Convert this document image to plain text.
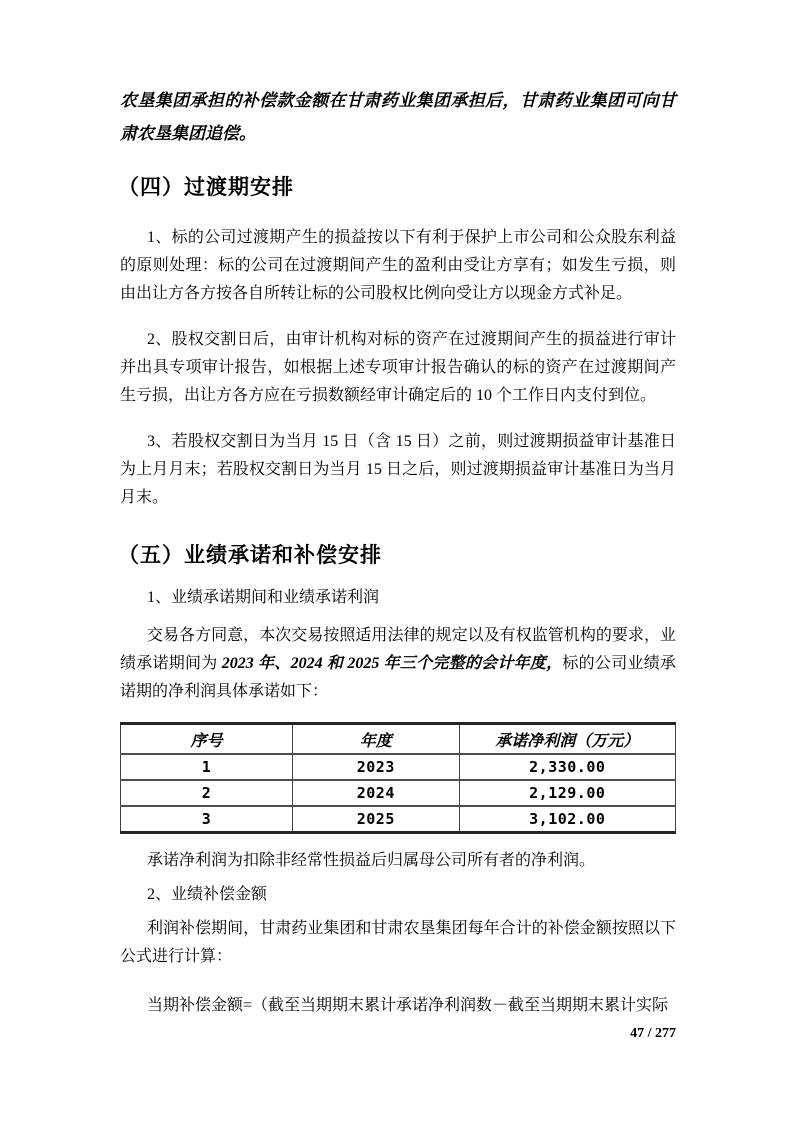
农垦集团承担的补偿款金额在甘肃药业集团承担后，甘肃药业集团可向甘肃农垦集团追偿。

（四）过渡期安排

1、标的公司过渡期产生的损益按以下有利于保护上市公司和公众股东利益的原则处理：标的公司在过渡期间产生的盈利由受让方享有；如发生亏损，则由出让方各方按各自所转让标的公司股权比例向受让方以现金方式补足。

2、股权交割日后，由审计机构对标的资产在过渡期间产生的损益进行审计并出具专项审计报告，如根据上述专项审计报告确认的标的资产在过渡期间产生亏损，出让方各方应在亏损数额经审计确定后的 10 个工作日内支付到位。

3、若股权交割日为当月 15 日（含 15 日）之前，则过渡期损益审计基准日为上月月末；若股权交割日为当月 15 日之后，则过渡期损益审计基准日为当月月末。

（五）业绩承诺和补偿安排

1、业绩承诺期间和业绩承诺利润

交易各方同意，本次交易按照适用法律的规定以及有权监管机构的要求，业绩承诺期间为 2023 年、2024 和 2025 年三个完整的会计年度，标的公司业绩承诺期的净利润具体承诺如下：

序号	年度	承诺净利润（万元）
1	2023	2,330.00
2	2024	2,129.00
3	2025	3,102.00

承诺净利润为扣除非经常性损益后归属母公司所有者的净利润。

2、业绩补偿金额

利润补偿期间，甘肃药业集团和甘肃农垦集团每年合计的补偿金额按照以下公式进行计算：

当期补偿金额=（截至当期期末累计承诺净利润数－截至当期期末累计实际

47 / 277
